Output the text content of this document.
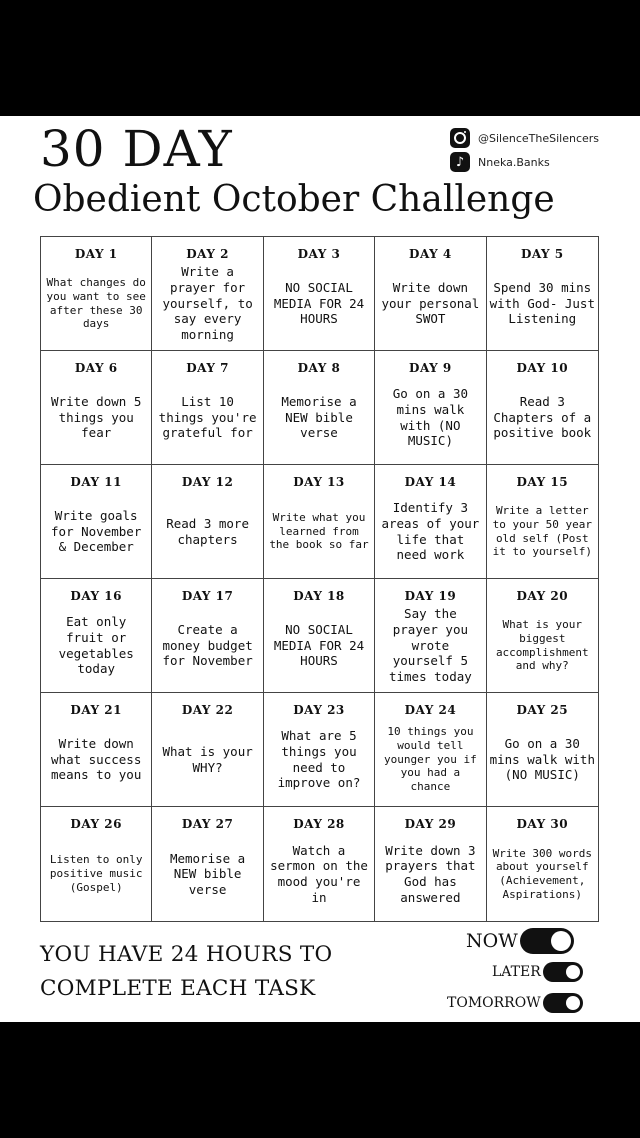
30 DAY
Obedient October Challenge
@SilenceTheSilencers
♪	Nneka.Banks
DAY 1
What changes do you want to see after these 30 days
DAY 2
Write a prayer for yourself, to say every morning
DAY 3
NO SOCIAL MEDIA FOR 24 HOURS
DAY 4
Write down your personal SWOT
DAY 5
Spend 30 mins with God- Just Listening
DAY 6
Write down 5 things you fear
DAY 7
List 10 things you're grateful for
DAY 8
Memorise a NEW bible verse
DAY 9
Go on a 30 mins walk with (NO MUSIC)
DAY 10
Read 3 Chapters of a positive book
DAY 11
Write goals for November & December
DAY 12
Read 3 more chapters
DAY 13
Write what you learned from the book so far
DAY 14
Identify 3 areas of your life that need work
DAY 15
Write a letter to your 50 year old self (Post it to yourself)
DAY 16
Eat only fruit or vegetables today
DAY 17
Create a money budget for November
DAY 18
NO SOCIAL MEDIA FOR 24 HOURS
DAY 19
Say the prayer you wrote yourself 5 times today
DAY 20
What is your biggest accomplishment and why?
DAY 21
Write down what success means to you
DAY 22
What is your WHY?
DAY 23
What are 5 things you need to improve on?
DAY 24
10 things you would tell younger you if you had a chance
DAY 25
Go on a 30 mins walk with (NO MUSIC)
DAY 26
Listen to only positive music (Gospel)
DAY 27
Memorise a NEW bible verse
DAY 28
Watch a sermon on the mood you're in
DAY 29
Write down 3 prayers that God has answered
DAY 30
Write 300 words about yourself (Achievement, Aspirations)
YOU HAVE 24 HOURS TO
COMPLETE EACH TASK
NOW
LATER
TOMORROW
